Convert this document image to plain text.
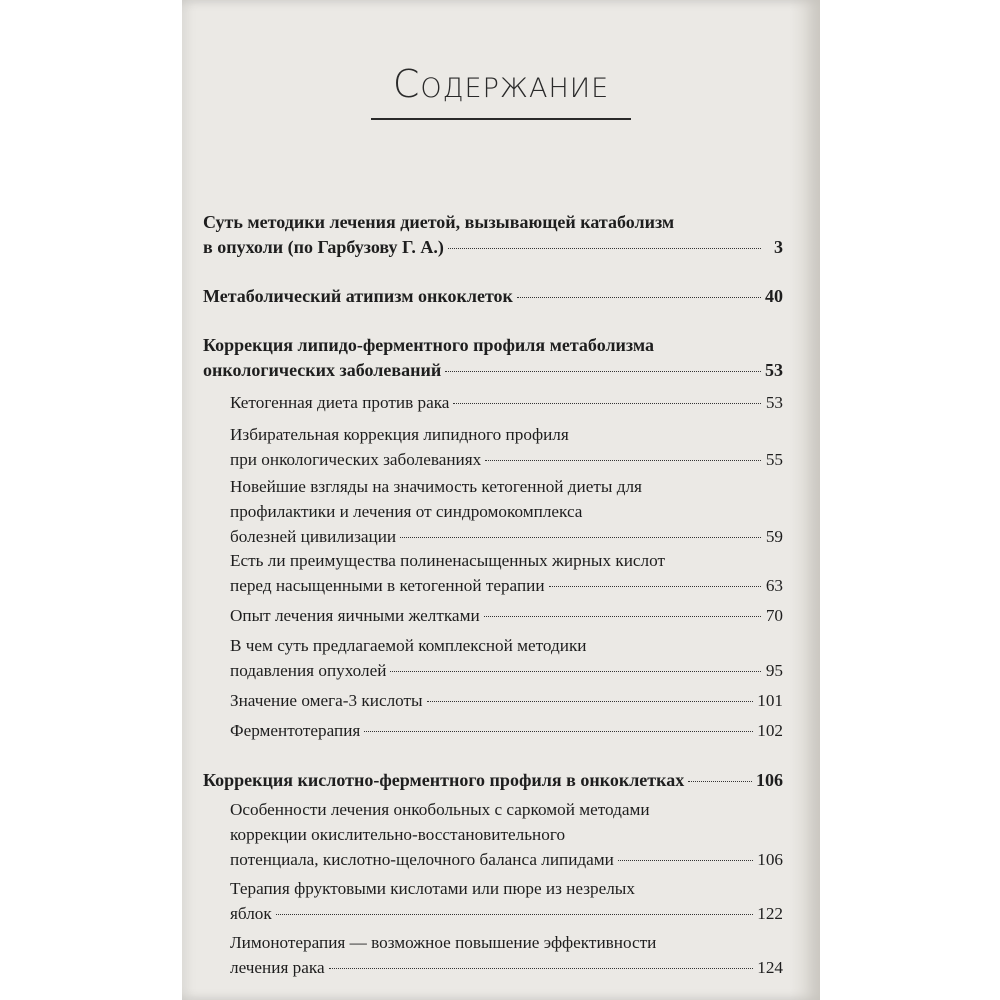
Содержание
Суть методики лечения диетой, вызывающей катаболизм
в опухоли (по Гарбузову Г. А.)	3
Метаболический атипизм онкоклеток	40
Коррекция липидо-ферментного профиля метаболизма
онкологических заболеваний	53
Кетогенная диета против рака	53
Избирательная коррекция липидного профиля
при онкологических заболеваниях	55
Новейшие взгляды на значимость кетогенной диеты для
профилактики и лечения от синдромокомплекса
болезней цивилизации	59
Есть ли преимущества полиненасыщенных жирных кислот
перед насыщенными в кетогенной терапии	63
Опыт лечения яичными желтками	70
В чем суть предлагаемой комплексной методики
подавления опухолей	95
Значение омега-3 кислоты	101
Ферментотерапия	102
Коррекция кислотно-ферментного профиля в онкоклетках	106
Особенности лечения онкобольных с саркомой методами
коррекции окислительно-восстановительного
потенциала, кислотно-щелочного баланса липидами	106
Терапия фруктовыми кислотами или пюре из незрелых
яблок	122
Лимонотерапия — возможное повышение эффективности
лечения рака	124
